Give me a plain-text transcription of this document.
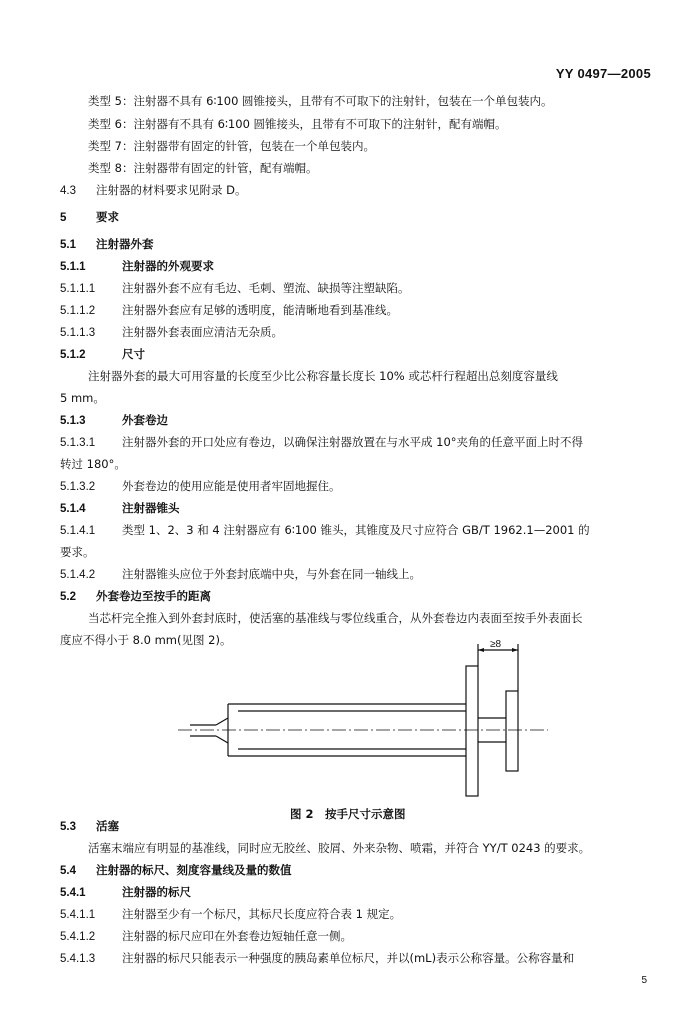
YY 0497—2005
类型 5：注射器不具有 6∶100 圆锥接头，且带有不可取下的注射针，包装在一个单包装内。
类型 6：注射器有不具有 6∶100 圆锥接头，且带有不可取下的注射针，配有端帽。
类型 7：注射器带有固定的针管，包装在一个单包装内。
类型 8：注射器带有固定的针管，配有端帽。
4.3 注射器的材料要求见附录 D。
5	要求
5.1 注射器外套
5.1.1	注射器的外观要求
5.1.1.1 注射器外套不应有毛边、毛刺、塑流、缺损等注塑缺陷。
5.1.1.2 注射器外套应有足够的透明度，能清晰地看到基准线。
5.1.1.3 注射器外套表面应清洁无杂质。
5.1.2	尺寸
注射器外套的最大可用容量的长度至少比公称容量长度长 10% 或芯杆行程超出总刻度容量线
5 mm。
5.1.3	外套卷边
5.1.3.1 注射器外套的开口处应有卷边，以确保注射器放置在与水平成 10°夹角的任意平面上时不得
转过 180°。
5.1.3.2 外套卷边的使用应能是使用者牢固地握住。
5.1.4	注射器锥头
5.1.4.1 类型 1、2、3 和 4 注射器应有 6∶100 锥头，其锥度及尺寸应符合 GB/T 1962.1—2001 的
要求。
5.1.4.2 注射器锥头应位于外套封底端中央，与外套在同一轴线上。
5.2 外套卷边至按手的距离
当芯杆完全推入到外套封底时，使活塞的基准线与零位线重合，从外套卷边内表面至按手外表面长
度应不得小于 8.0 mm(见图 2)。
5.3 活塞
活塞末端应有明显的基准线，同时应无胶丝、胶屑、外来杂物、喷霜，并符合 YY/T 0243 的要求。
5.4 注射器的标尺、刻度容量线及量的数值
5.4.1	注射器的标尺
5.4.1.1 注射器至少有一个标尺，其标尺长度应符合表 1 规定。
5.4.1.2 注射器的标尺应印在外套卷边短轴任意一侧。
5.4.1.3 注射器的标尺只能表示一种强度的胰岛素单位标尺，并以(mL)表示公称容量。公称容量和
≥8
图 2　按手尺寸示意图
5
